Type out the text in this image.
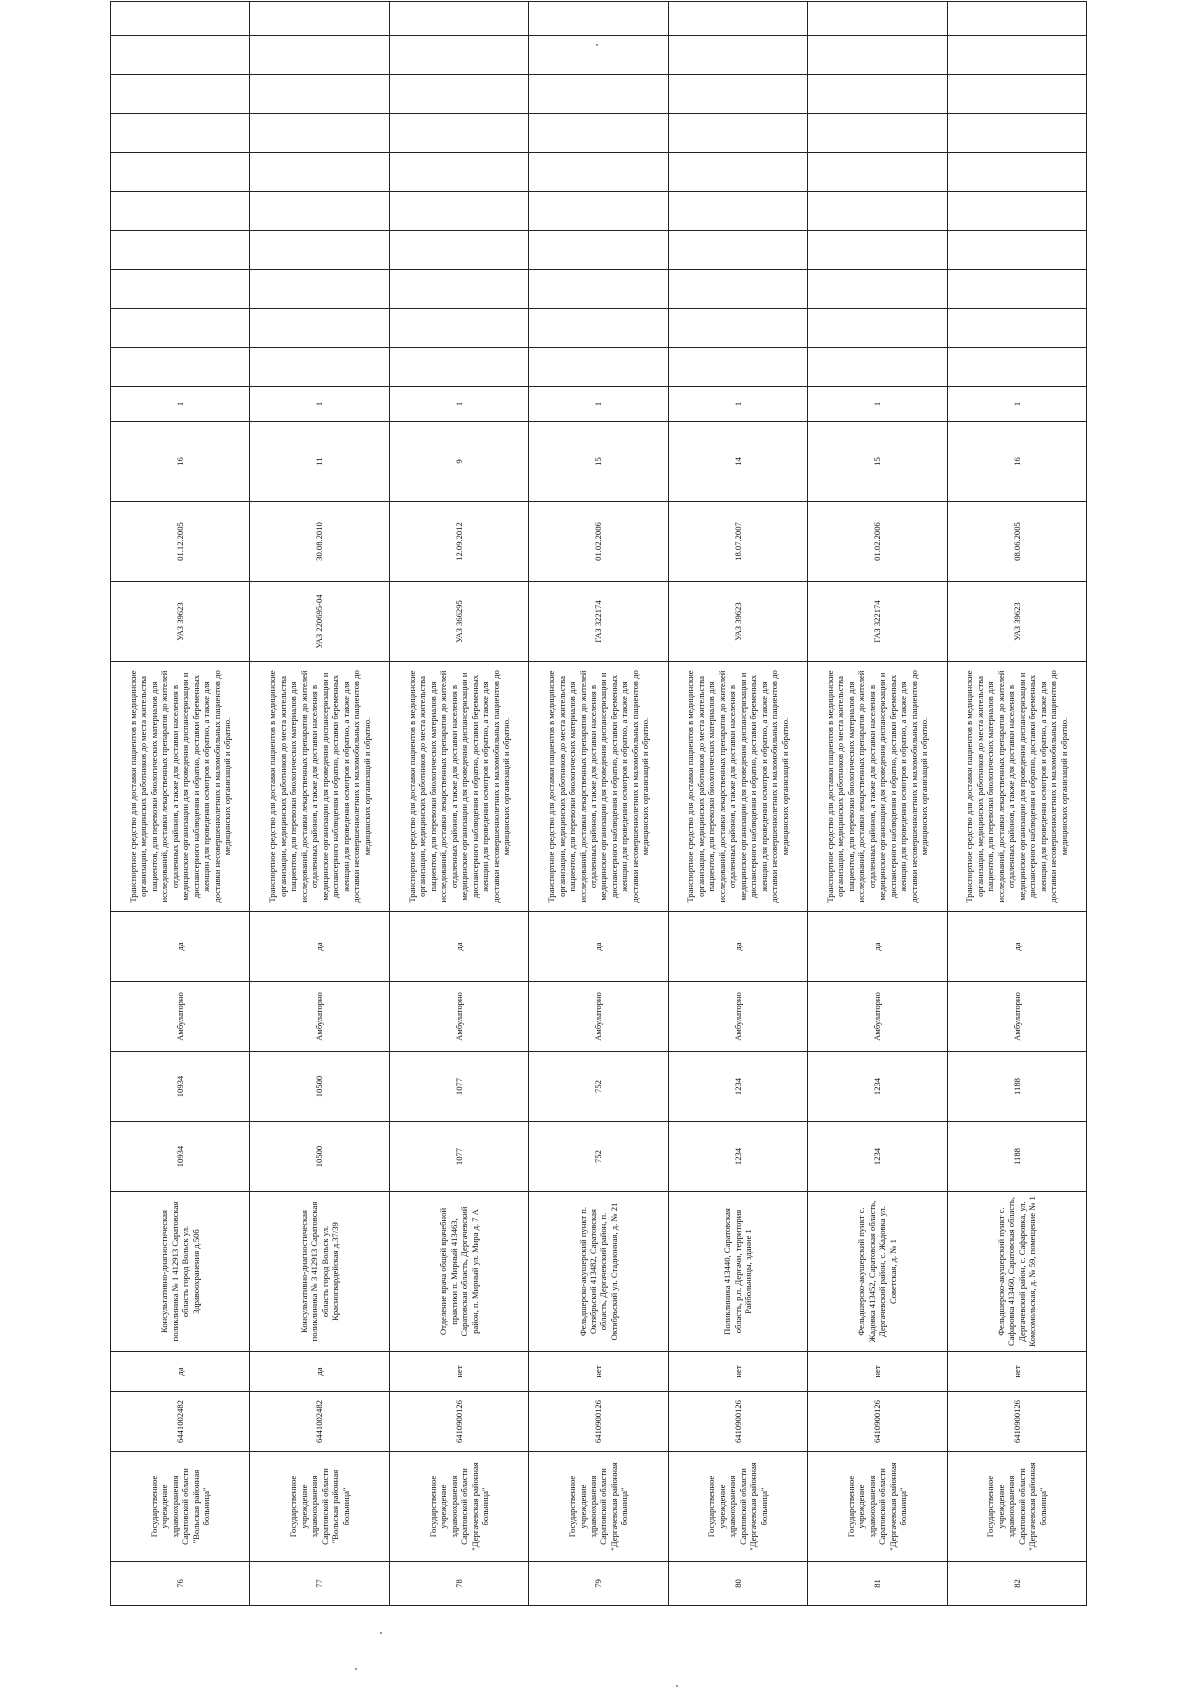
76	Государственное учреждение здравоохранения Саратовской области "Вольская районная больница"	6441002482	да	Консультативно-диагностическая поликлиника № 1 412913 Саратовская область город Вольск ул. Здравоохранения д.50б	10934	10934	Амбулаторно	да	Транспортное средство для доставки пациентов в медицинские организации, медицинских работников до места жительства пациентов, для перевозки биологических материалов для исследований, доставки лекарственных препаратов до жителей отдаленных районов, а также для доставки населения в медицинские организации для проведения диспансеризации и диспансерного наблюдения и обратно, доставки беременных женщин для проведения осмотров и обратно, а также для доставки несовершеннолетних и маломобильных пациентов до медицинских организаций и обратно.	УАЗ 39623	01.12.2005	16	1										
77	Государственное учреждение здравоохранения Саратовской области "Вольская районная больница"	6441002482	да	Консультативно-диагностическая поликлиника № 3 412913 Саратовская область город Вольск ул. Красногвардейская д.37/39	10500	10500	Амбулаторно	да	Транспортное средство для доставки пациентов в медицинские организации, медицинских работников до места жительства пациентов, для перевозки биологических материалов для исследований, доставки лекарственных препаратов до жителей отдаленных районов, а также для доставки населения в медицинские организации для проведения диспансеризации и диспансерного наблюдения и обратно, доставки беременных женщин для проведения осмотров и обратно, а также для доставки несовершеннолетних и маломобильных пациентов до медицинских организаций и обратно.	УАЗ 220695-04	30.08.2010	11	1										
78	Государственное учреждение здравоохранения Саратовской области "Дергачевская районная больница"	6410900126	нет	Отделение врача общей врачебной практики п. Мирный 413463, Саратовская область, Дергачевский район, п. Мирный ул. Мира д. 7 А	1077	1077	Амбулаторно	да	Транспортное средство для доставки пациентов в медицинские организации, медицинских работников до места жительства пациентов, для перевозки биологических материалов для исследований, доставки лекарственных препаратов до жителей отдаленных районов, а также для доставки населения в медицинские организации для проведения диспансеризации и диспансерного наблюдения и обратно, доставки беременных женщин для проведения осмотров и обратно, а также для доставки несовершеннолетних и маломобильных пациентов до медицинских организаций и обратно.	УАЗ 366295	12.09.2012	9	1										
79	Государственное учреждение здравоохранения Саратовской области "Дергачевская районная больница"	6410900126	нет	Фельдшерско-акушерский пункт п. Октябрьский 413482, Саратовская область, Дергачевский район, п. Октябрьский ул. Стадионная, д. № 21	752	752	Амбулаторно	да	Транспортное средство для доставки пациентов в медицинские организации, медицинских работников до места жительства пациентов, для перевозки биологических материалов для исследований, доставки лекарственных препаратов до жителей отдаленных районов, а также для доставки населения в медицинские организации для проведения диспансеризации и диспансерного наблюдения и обратно, доставки беременных женщин для проведения осмотров и обратно, а также для доставки несовершеннолетних и маломобильных пациентов до медицинских организаций и обратно.	ГАЗ 322174	01.02.2006	15	1										
80	Государственное учреждение здравоохранения Саратовской области "Дергачевская районная больница"	6410900126	нет	Поликлиника 413440, Саратовская область, р.п. Дергачи, территория Райбольницы, здание 1	1234	1234	Амбулаторно	да	Транспортное средство для доставки пациентов в медицинские организации, медицинских работников до места жительства пациентов, для перевозки биологических материалов для исследований, доставки лекарственных препаратов до жителей отдаленных районов, а также для доставки населения в медицинские организации для проведения диспансеризации и диспансерного наблюдения и обратно, доставки беременных женщин для проведения осмотров и обратно, а также для доставки несовершеннолетних и маломобильных пациентов до медицинских организаций и обратно.	УАЗ 39623	18.07.2007	14	1										
81	Государственное учреждение здравоохранения Саратовской области "Дергачевская районная больница"	6410900126	нет	Фельдшерско-акушерский пункт с. Жадовка 413452, Саратовская область, Дергачевский район, с. Жадовка ул. Советская, д. № 1	1234	1234	Амбулаторно	да	Транспортное средство для доставки пациентов в медицинские организации, медицинских работников до места жительства пациентов, для перевозки биологических материалов для исследований, доставки лекарственных препаратов до жителей отдаленных районов, а также для доставки населения в медицинские организации для проведения диспансеризации и диспансерного наблюдения и обратно, доставки беременных женщин для проведения осмотров и обратно, а также для доставки несовершеннолетних и маломобильных пациентов до медицинских организаций и обратно.	ГАЗ 322174	01.02.2006	15	1										
82	Государственное учреждение здравоохранения Саратовской области "Дергачевская районная больница"	6410900126	нет	Фельдшерско-акушерский пункт с. Сафаровка 413460, Саратовская область, Дергачевский район, с. Сафаровка, ул. Комсомольская, д. № 59, помещение № 1	1188	1188	Амбулаторно	да	Транспортное средство для доставки пациентов в медицинские организации, медицинских работников до места жительства пациентов, для перевозки биологических материалов для исследований, доставки лекарственных препаратов до жителей отдаленных районов, а также для доставки населения в медицинские организации для проведения диспансеризации и диспансерного наблюдения и обратно, доставки беременных женщин для проведения осмотров и обратно, а также для доставки несовершеннолетних и маломобильных пациентов до медицинских организаций и обратно.	УАЗ 39623	08.06.2005	16	1										
